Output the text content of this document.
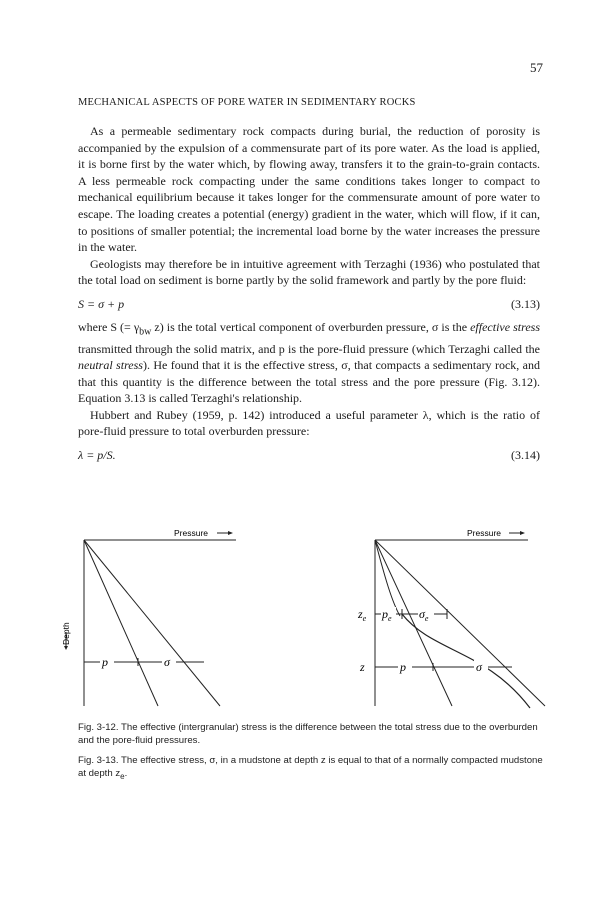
57
MECHANICAL ASPECTS OF PORE WATER IN SEDIMENTARY ROCKS

As a permeable sedimentary rock compacts during burial, the reduction of porosity is accompanied by the expulsion of a commensurate part of its pore water. As the load is applied, it is borne first by the water which, by flowing away, transfers it to the grain-to-grain contacts. A less permeable rock compacting under the same conditions takes longer to compact to mechanical equilibrium because it takes longer for the commensurate amount of pore water to escape. The loading creates a potential (energy) gradient in the water, which will flow, if it can, to positions of smaller potential; the incremental load borne by the water increases the pressure in the water.

Geologists may therefore be in intuitive agreement with Terzaghi (1936) who postulated that the total load on sediment is borne partly by the solid framework and partly by the pore fluid:

S = σ + p	(3.13)

where S (= $\gamma_{bw}$ z) is the total vertical component of overburden pressure, σ is the effective stress transmitted through the solid matrix, and p is the pore-fluid pressure (which Terzaghi called the neutral stress). He found that it is the effective stress, σ, that compacts a sedimentary rock, and that this quantity is the difference between the total stress and the pore pressure (Fig. 3.12). Equation 3.13 is called Terzaghi's relationship.

Hubbert and Rubey (1959, p. 142) introduced a useful parameter λ, which is the ratio of pore-fluid pressure to total overburden pressure:

λ = p/S.	(3.14)
Pressure
Depth
p	σ
Pressure
$z_e$ $p_e$ $\sigma_e$
z	p	σ

Fig. 3-12. The effective (intergranular) stress is the difference between the total stress due to the overburden and the pore-fluid pressures.

Fig. 3-13. The effective stress, σ, in a mudstone at depth z is equal to that of a normally compacted mudstone at depth $z_e$.
